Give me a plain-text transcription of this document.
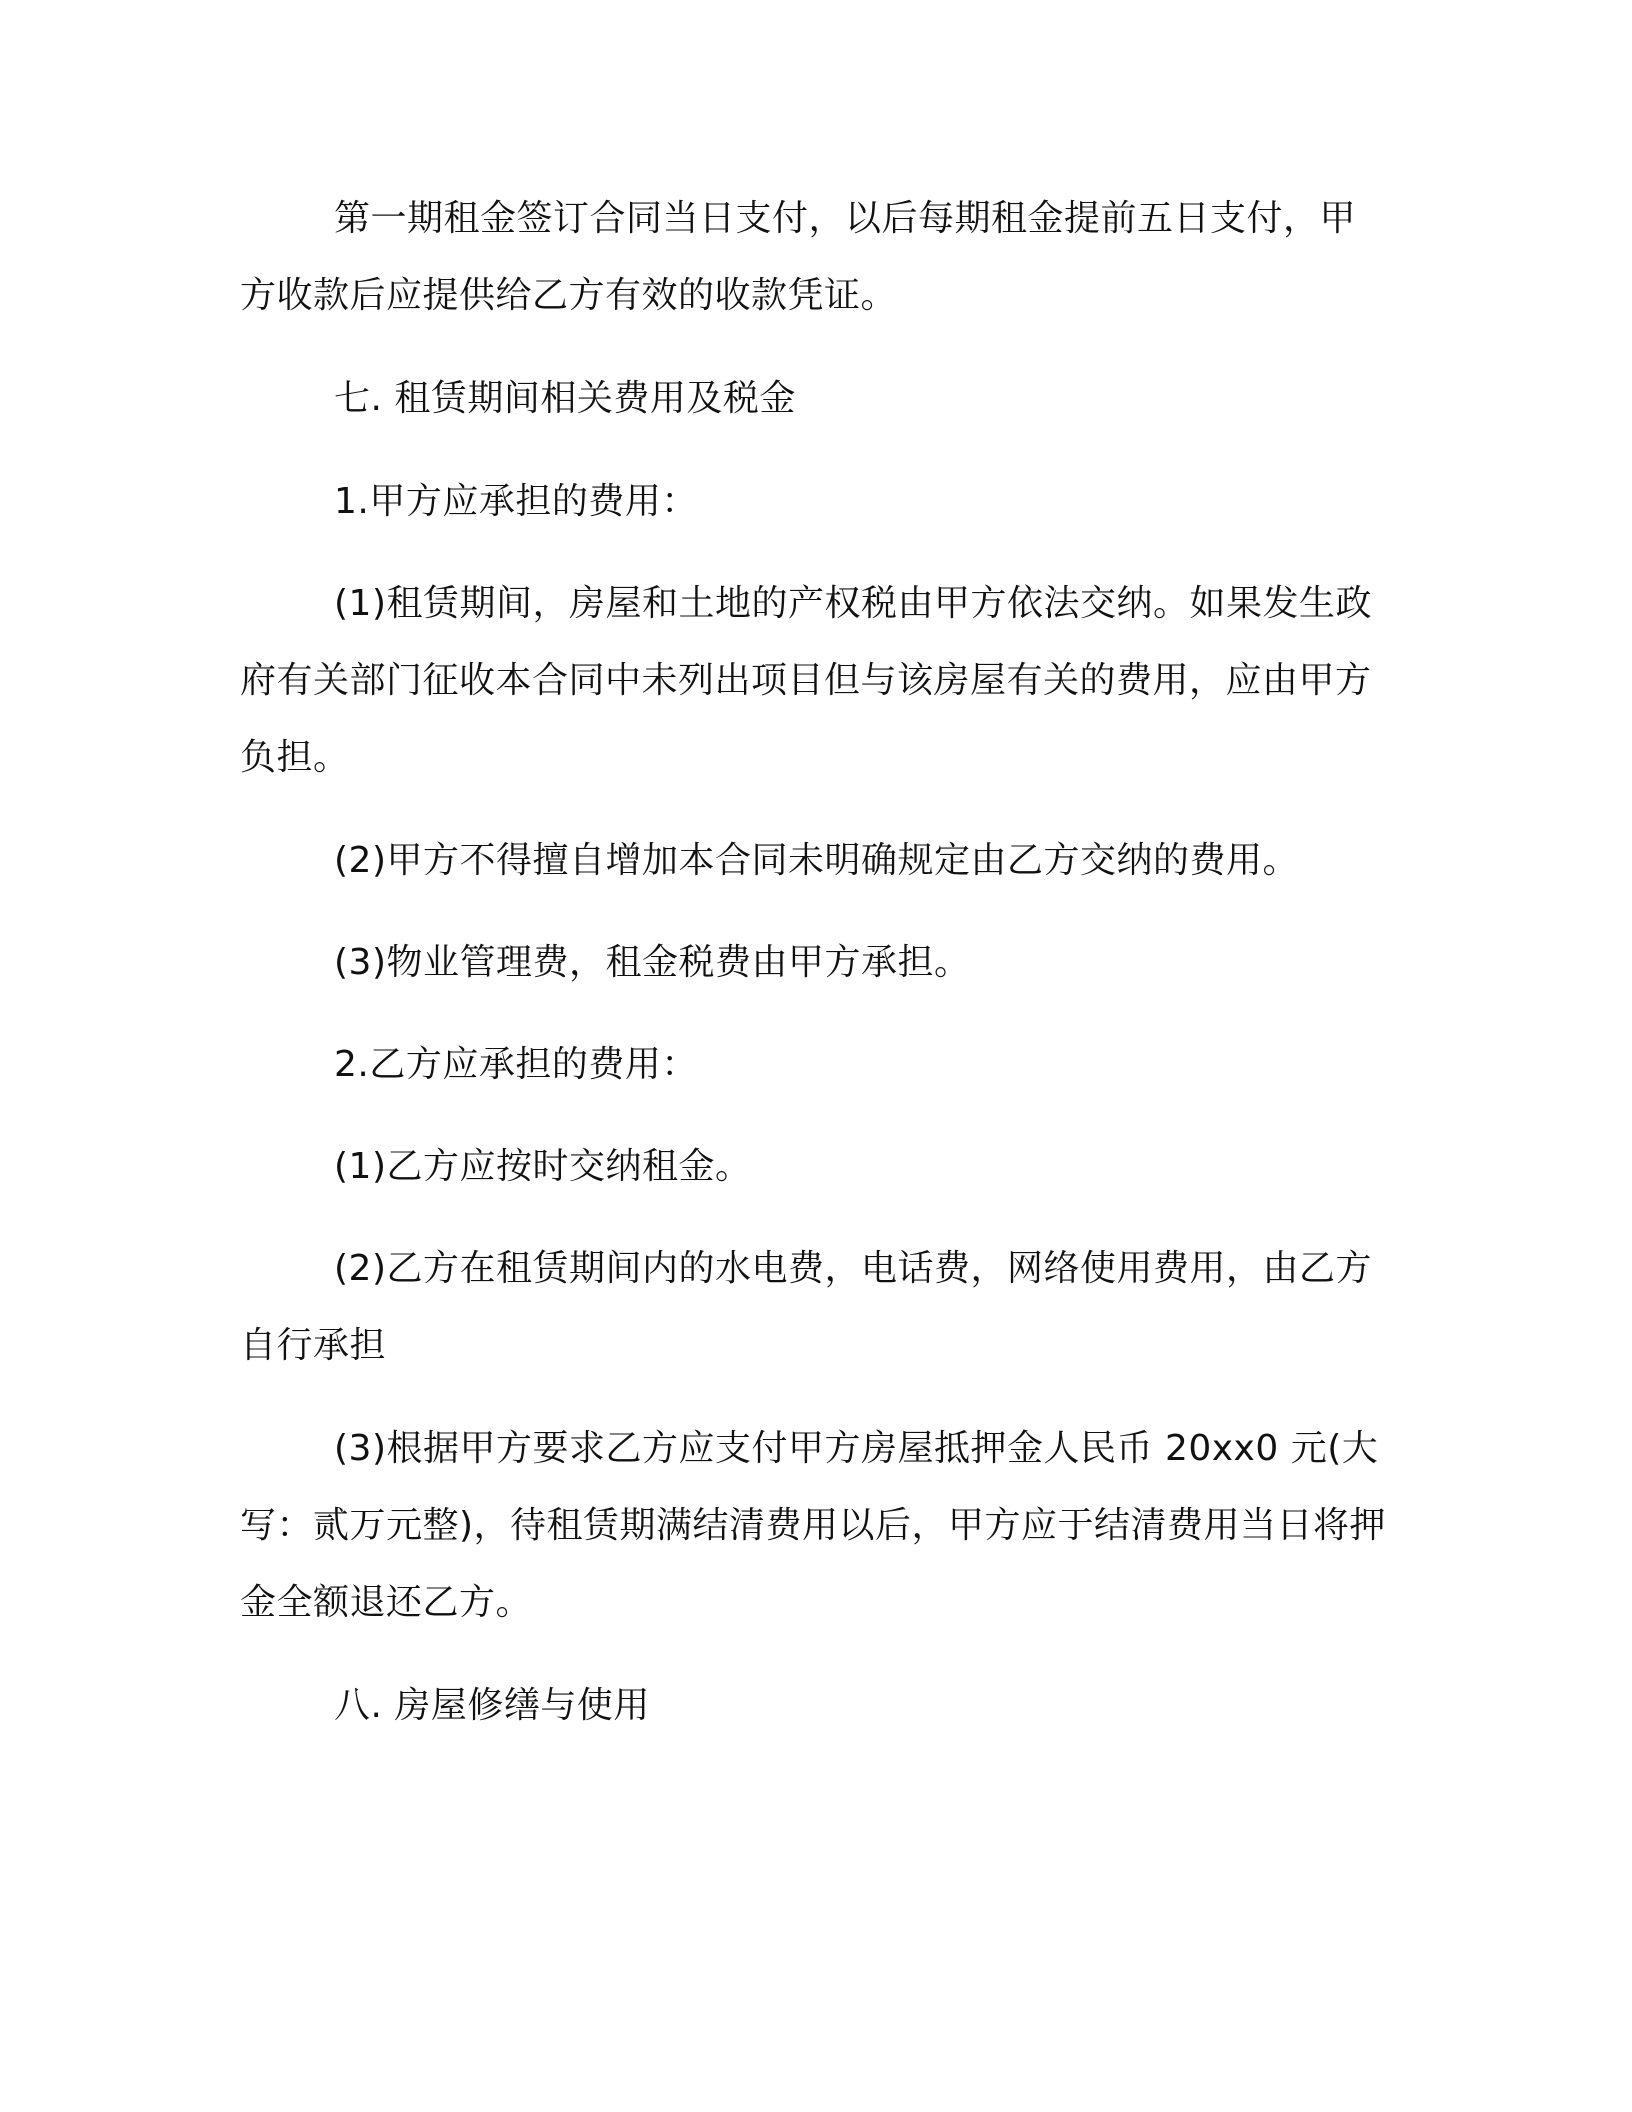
第一期租金签订合同当日支付，以后每期租金提前五日支付，甲方收款后应提供给乙方有效的收款凭证。

七. 租赁期间相关费用及税金

1.甲方应承担的费用：

(1)租赁期间，房屋和土地的产权税由甲方依法交纳。如果发生政府有关部门征收本合同中未列出项目但与该房屋有关的费用，应由甲方负担。

(2)甲方不得擅自增加本合同未明确规定由乙方交纳的费用。

(3)物业管理费，租金税费由甲方承担。

2.乙方应承担的费用：

(1)乙方应按时交纳租金。

(2)乙方在租赁期间内的水电费，电话费，网络使用费用，由乙方自行承担

(3)根据甲方要求乙方应支付甲方房屋抵押金人民币 20xx0 元(大写：贰万元整)，待租赁期满结清费用以后，甲方应于结清费用当日将押金全额退还乙方。

八. 房屋修缮与使用
